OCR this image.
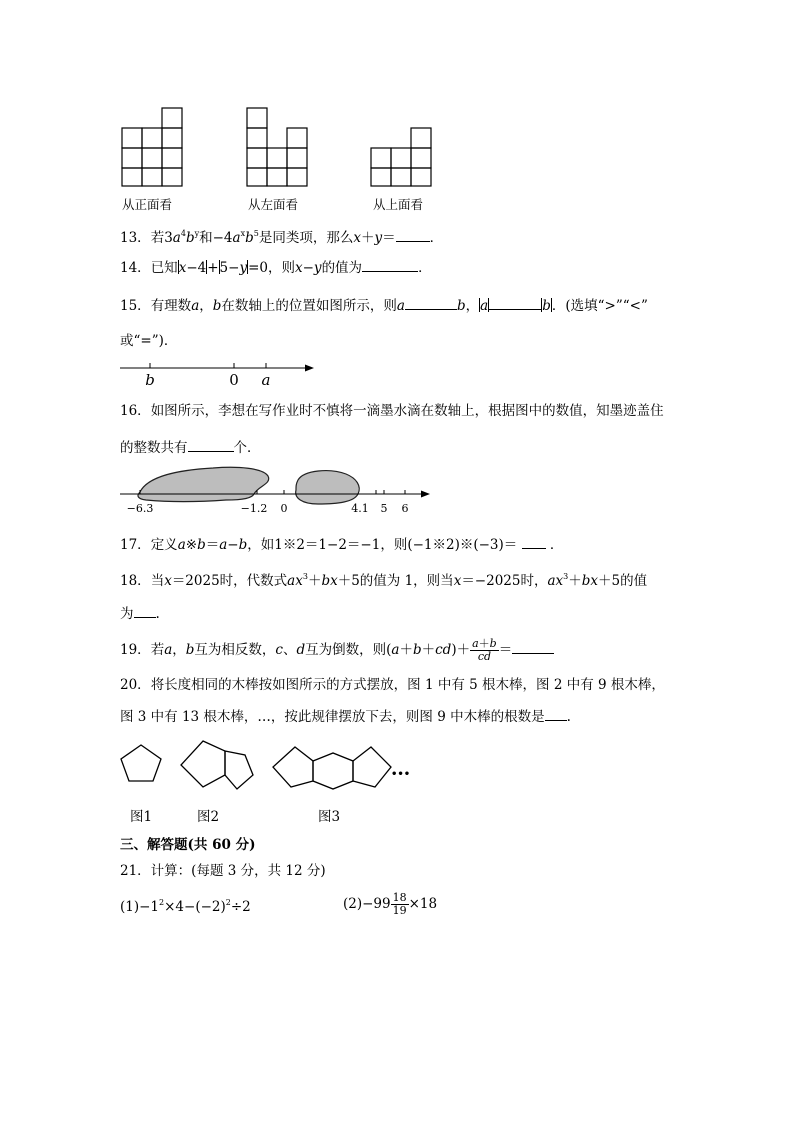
从正面看	从左面看	从上面看
13．若$3a^4b^y$和$-4a^xb^5$是同类项，那么x＋y＝	．
14．已知x−4+5−y=0，则x−y的值为	．
15．有理数a，b在数轴上的位置如图所示，则a	b，a	b．(选填“>”“<”
或“=”)．
b	0 a
16．如图所示，李想在写作业时不慎将一滴墨水滴在数轴上，根据图中的数值，知墨迹盖住
的整数共有	个．
−6.3	−1.2 0	4.1 5 6
17．定义a※b＝a−b，如1※2＝1−2＝−1，则(−1※2)※(−3)＝ ．
18．当x＝2025时，代数式$ax^3+bx+5$的值为 1，则当x＝−2025时，$ax^3+bx+5$的值
为 .
19．若a，b互为相反数，c、d互为倒数，则$(a+b+cd)+ \frac{a+b}{cd}$ ＝
20．将长度相同的木棒按如图所示的方式摆放，图 1 中有 5 根木棒，图 2 中有 9 根木棒，
图 3 中有 13 根木棒，…，按此规律摆放下去，则图 9 中木棒的根数是 .
•••
图1	图2	图3
三、解答题(共 60 分)
21．计算：(每题 3 分，共 12 分)
$(1)-1^2\times 4-(-2)^2\div 2$	$(2)-99 \frac{18}{19} \times 18$
